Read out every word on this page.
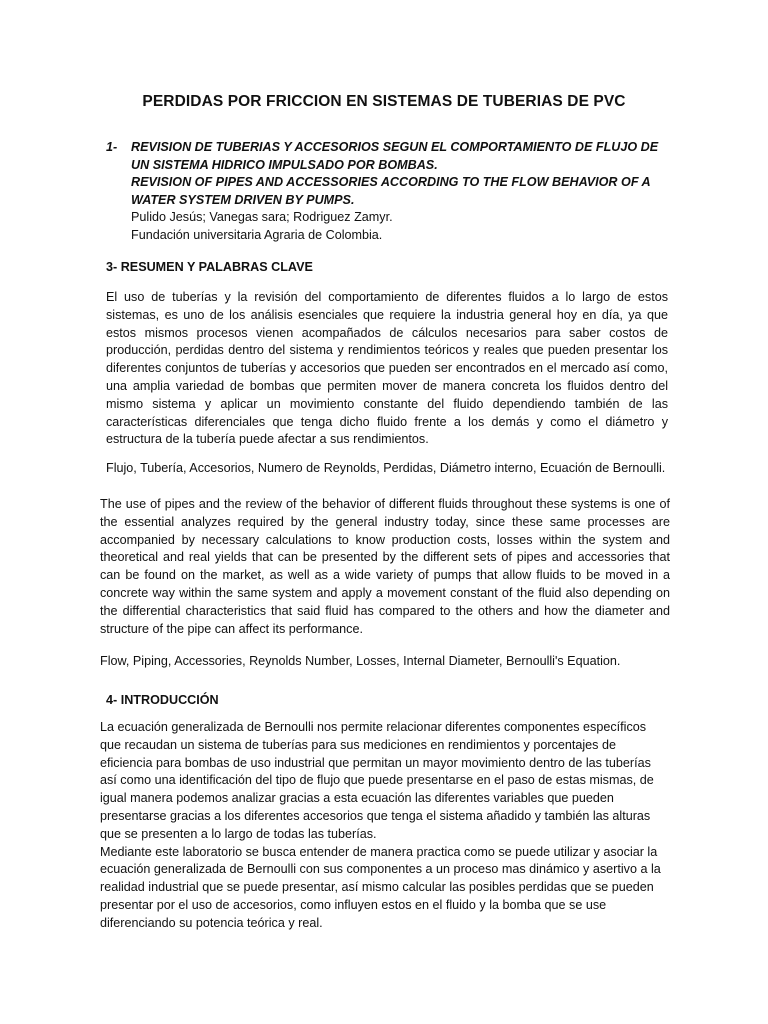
PERDIDAS POR FRICCION EN SISTEMAS DE TUBERIAS DE PVC
1- REVISION DE TUBERIAS Y ACCESORIOS SEGUN EL COMPORTAMIENTO DE FLUJO DE UN SISTEMA HIDRICO IMPULSADO POR BOMBAS.
REVISION OF PIPES AND ACCESSORIES ACCORDING TO THE FLOW BEHAVIOR OF A WATER SYSTEM DRIVEN BY PUMPS.
Pulido Jesús; Vanegas sara; Rodriguez Zamyr.
Fundación universitaria Agraria de Colombia.
3- RESUMEN Y PALABRAS CLAVE
El uso de tuberías y la revisión del comportamiento de diferentes fluidos a lo largo de estos sistemas, es uno de los análisis esenciales que requiere la industria general hoy en día, ya que estos mismos procesos vienen acompañados de cálculos necesarios para saber costos de producción, perdidas dentro del sistema y rendimientos teóricos y reales que pueden presentar los diferentes conjuntos de tuberías y accesorios que pueden ser encontrados en el mercado así como, una amplia variedad de bombas que permiten mover de manera concreta los fluidos dentro del mismo sistema y aplicar un movimiento constante del fluido dependiendo también de las características diferenciales que tenga dicho fluido frente a los demás y como el diámetro y estructura de la tubería puede afectar a sus rendimientos.
Flujo, Tubería, Accesorios, Numero de Reynolds, Perdidas, Diámetro interno, Ecuación de Bernoulli.
The use of pipes and the review of the behavior of different fluids throughout these systems is one of the essential analyzes required by the general industry today, since these same processes are accompanied by necessary calculations to know production costs, losses within the system and theoretical and real yields that can be presented by the different sets of pipes and accessories that can be found on the market, as well as a wide variety of pumps that allow fluids to be moved in a concrete way within the same system and apply a movement constant of the fluid also depending on the differential characteristics that said fluid has compared to the others and how the diameter and structure of the pipe can affect its performance.
Flow, Piping, Accessories, Reynolds Number, Losses, Internal Diameter, Bernoulli's Equation.
4- INTRODUCCIÓN

La ecuación generalizada de Bernoulli nos permite relacionar diferentes componentes específicos que recaudan un sistema de tuberías para sus mediciones en rendimientos y porcentajes de eficiencia para bombas de uso industrial que permitan un mayor movimiento dentro de las tuberías así como una identificación del tipo de flujo que puede presentarse en el paso de estas mismas, de igual manera podemos analizar gracias a esta ecuación las diferentes variables que pueden presentarse gracias a los diferentes accesorios que tenga el sistema añadido y también las alturas que se presenten a lo largo de todas las tuberías.

Mediante este laboratorio se busca entender de manera practica como se puede utilizar y asociar la ecuación generalizada de Bernoulli con sus componentes a un proceso mas dinámico y asertivo a la realidad industrial que se puede presentar, así mismo calcular las posibles perdidas que se pueden presentar por el uso de accesorios, como influyen estos en el fluido y la bomba que se use diferenciando su potencia teórica y real.
